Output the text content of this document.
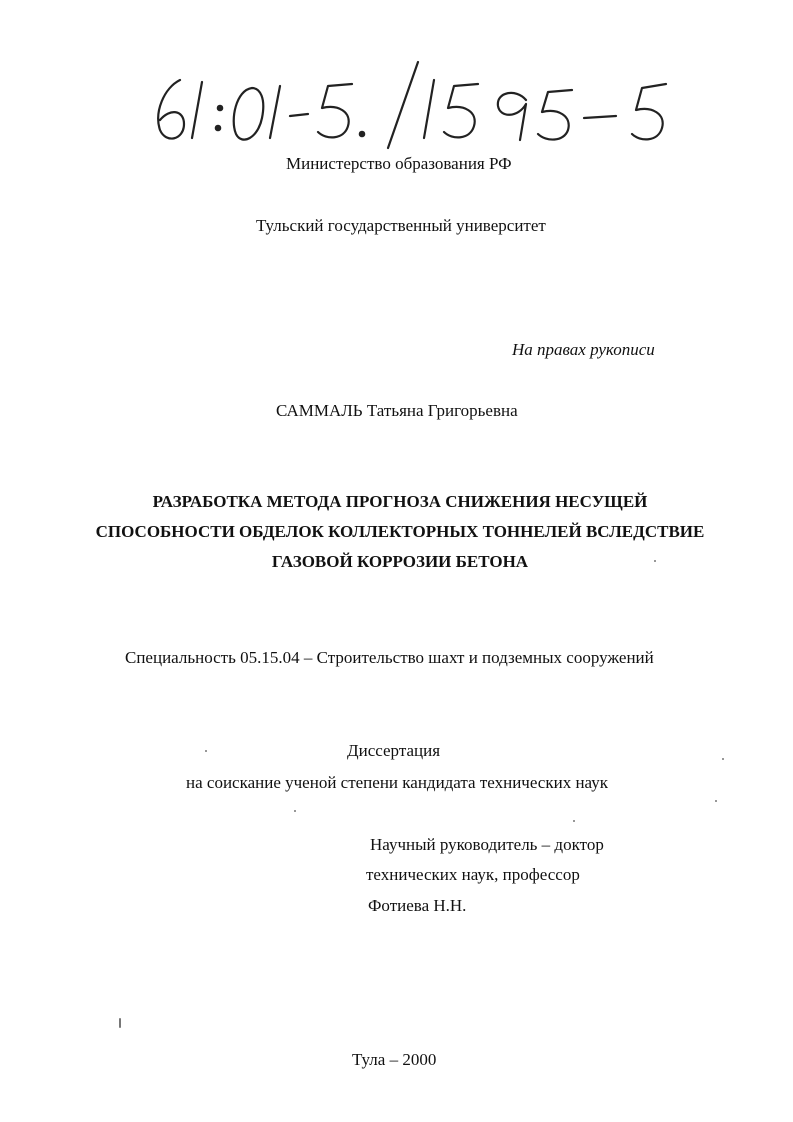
Министерство образования РФ
Тульский государственный университет
На правах рукописи
САММАЛЬ Татьяна Григорьевна
РАЗРАБОТКА МЕТОДА ПРОГНОЗА СНИЖЕНИЯ НЕСУЩЕЙ
СПОСОБНОСТИ ОБДЕЛОК КОЛЛЕКТОРНЫХ ТОННЕЛЕЙ ВСЛЕДСТВИЕ
ГАЗОВОЙ КОРРОЗИИ БЕТОНА
Специальность 05.15.04 – Строительство шахт и подземных сооружений
Диссертация
на соискание ученой степени кандидата технических наук
Научный руководитель – доктор
технических наук, профессор
Фотиева Н.Н.
Тула – 2000
